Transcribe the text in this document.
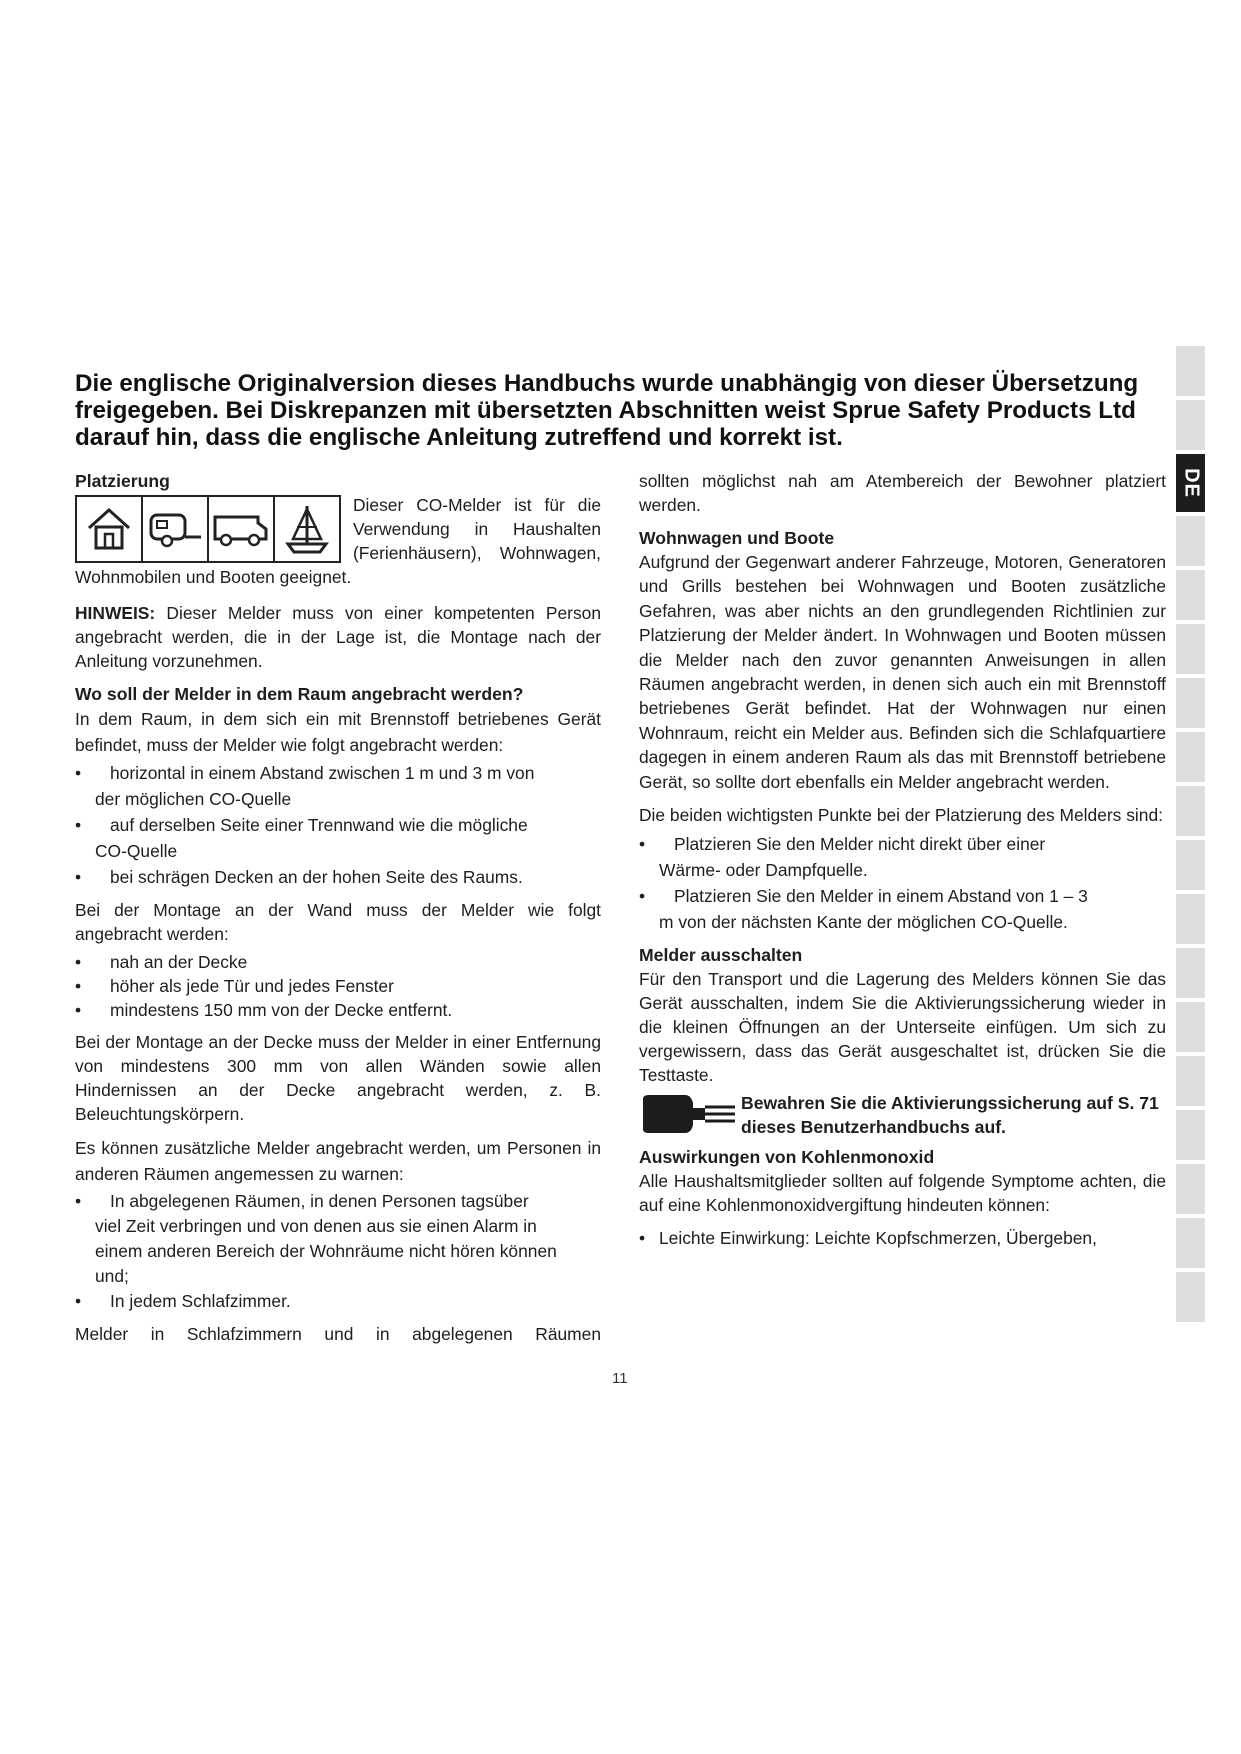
DE
Die englische Originalversion dieses Handbuchs wurde unabhängig von dieser Übersetzung freigegeben. Bei Diskrepanzen mit übersetzten Abschnitten weist Sprue Safety Products Ltd darauf hin, dass die englische Anleitung zutreffend und korrekt ist.
Platzierung

Dieser CO-Melder ist für die Verwendung in Haushalten (Ferienhäusern), Wohnwagen, Wohnmobilen und Booten geeignet.

HINWEIS: Dieser Melder muss von einer kompetenten Person angebracht werden, die in der Lage ist, die Montage nach der Anleitung vorzunehmen.

Wo soll der Melder in dem Raum angebracht werden?

In dem Raum, in dem sich ein mit Brennstoff betriebenes Gerät befindet, muss der Melder wie folgt angebracht werden:

•	horizontal in einem Abstand zwischen 1 m und 3 m von
der möglichen CO-Quelle
•	auf derselben Seite einer Trennwand wie die mögliche
CO-Quelle
•	bei schrägen Decken an der hohen Seite des Raums.

Bei der Montage an der Wand muss der Melder wie folgt angebracht werden:

•	nah an der Decke
•	höher als jede Tür und jedes Fenster
•	mindestens 150 mm von der Decke entfernt.

Bei der Montage an der Decke muss der Melder in einer Entfernung von mindestens 300 mm von allen Wänden sowie allen Hindernissen an der Decke angebracht werden, z. B. Beleuchtungskörpern.

Es können zusätzliche Melder angebracht werden, um Personen in anderen Räumen angemessen zu warnen:

•	In abgelegenen Räumen, in denen Personen tagsüber
viel Zeit verbringen und von denen aus sie einen Alarm in einem anderen Bereich der Wohnräume nicht hören können und;
•	In jedem Schlafzimmer.

Melder in Schlafzimmern und in abgelegenen Räumen

sollten möglichst nah am Atembereich der Bewohner platziert werden.

Wohnwagen und Boote

Aufgrund der Gegenwart anderer Fahrzeuge, Motoren, Generatoren und Grills bestehen bei Wohnwagen und Booten zusätzliche Gefahren, was aber nichts an den grundlegenden Richtlinien zur Platzierung der Melder ändert. In Wohnwagen und Booten müssen die Melder nach den zuvor genannten Anweisungen in allen Räumen angebracht werden, in denen sich auch ein mit Brennstoff betriebenes Gerät befindet. Hat der Wohnwagen nur einen Wohnraum, reicht ein Melder aus. Befinden sich die Schlafquartiere dagegen in einem anderen Raum als das mit Brennstoff betriebene Gerät, so sollte dort ebenfalls ein Melder angebracht werden.

Die beiden wichtigsten Punkte bei der Platzierung des Melders sind:

•	Platzieren Sie den Melder nicht direkt über einer
Wärme- oder Dampfquelle.
•	Platzieren Sie den Melder in einem Abstand von 1 – 3
m von der nächsten Kante der möglichen CO-Quelle.
Melder ausschalten

Für den Transport und die Lagerung des Melders können Sie das Gerät ausschalten, indem Sie die Aktivierungssicherung wieder in die kleinen Öffnungen an der Unterseite einfügen. Um sich zu vergewissern, dass das Gerät ausgeschaltet ist, drücken Sie die Testtaste.

Bewahren Sie die Aktivierungssicherung auf S. 71 dieses Benutzerhandbuchs auf.
Auswirkungen von Kohlenmonoxid

Alle Haushaltsmitglieder sollten auf folgende Symptome achten, die auf eine Kohlenmonoxidvergiftung hindeuten können:

• Leichte Einwirkung: Leichte Kopfschmerzen, Übergeben,
11
